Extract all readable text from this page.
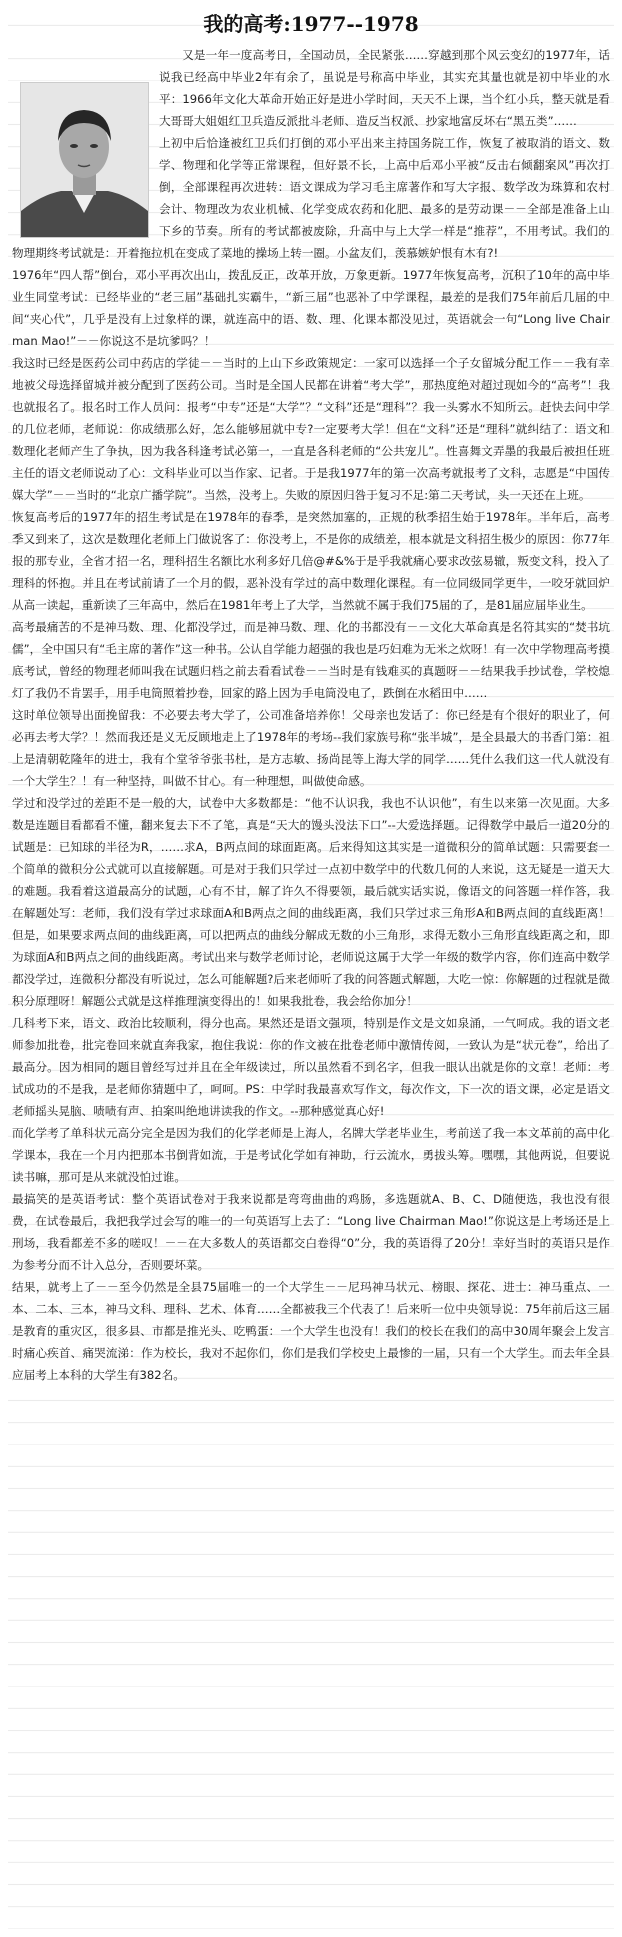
我的高考:1977--1978

又是一年一度高考日，全国动员，全民紧张……穿越到那个风云变幻的1977年，话说我已经高中毕业2年有余了，虽说是号称高中毕业，其实充其量也就是初中毕业的水平：1966年文化大革命开始正好是进小学时间，天天不上课，当个红小兵，整天就是看大哥哥大姐姐红卫兵造反派批斗老师、造反当权派、抄家地富反坏右“黑五类”……

上初中后恰逢被红卫兵们打倒的邓小平出来主持国务院工作，恢复了被取消的语文、数学、物理和化学等正常课程，但好景不长，上高中后邓小平被“反击右倾翻案风”再次打倒，全部课程再次进转：语文课成为学习毛主席著作和写大字报、数学改为珠算和农村会计、物理改为农业机械、化学变成农药和化肥、最多的是劳动课－－全部是准备上山下乡的节奏。所有的考试都被废除，升高中与上大学一样是“推荐”，不用考试。我们的物理期终考试就是：开着拖拉机在变成了菜地的操场上转一圈。小盆友们，羡慕嫉妒恨有木有?!

1976年“四人帮”倒台，邓小平再次出山，拨乱反正，改革开放，万象更新。1977年恢复高考，沉积了10年的高中毕业生同堂考试：已经毕业的“老三届”基础扎实霸牛，“新三届”也恶补了中学课程，最差的是我们75年前后几届的中间“夹心代”，几乎是没有上过象样的课，就连高中的语、数、理、化课本都没见过，英语就会一句“Long live Chairman Mao!”－－你说这不是坑爹吗？！

我这时已经是医药公司中药店的学徒－－当时的上山下乡政策规定：一家可以选择一个子女留城分配工作－－我有幸地被父母选择留城并被分配到了医药公司。当时是全国人民都在讲着“考大学”，那热度绝对超过现如今的“高考”！我也就报名了。报名时工作人员问：报考“中专”还是“大学”？“文科”还是“理科”？我一头雾水不知所云。赶快去问中学的几位老师，老师说：你成绩那么好，怎么能够屈就中专?一定要考大学！但在“文科”还是“理科”就纠结了：语文和数理化老师产生了争执，因为我各科逢考试必第一，一直是各科老师的“公共宠儿”。性喜舞文弄墨的我最后被担任班主任的语文老师说动了心：文科毕业可以当作家、记者。于是我1977年的第一次高考就报考了文科，志愿是“中国传媒大学”－－当时的“北京广播学院”。当然，没考上。失败的原因归咎于复习不足:第二天考试，头一天还在上班。

恢复高考后的1977年的招生考试是在1978年的春季，是突然加塞的，正规的秋季招生始于1978年。半年后，高考季又到来了，这次是数理化老师上门做说客了：你没考上，不是你的成绩差，根本就是文科招生极少的原因：你77年报的那专业，全省才招一名，理科招生名额比水利多好几倍@#&%于是乎我就痛心要求改弦易辙，叛变文科，投入了理科的怀抱。并且在考试前请了一个月的假，恶补没有学过的高中数理化课程。有一位同级同学更牛，一咬牙就回炉从高一读起，重新读了三年高中，然后在1981年考上了大学，当然就不属于我们75届的了，是81届应届毕业生。

高考最痛苦的不是神马数、理、化都没学过，而是神马数、理、化的书都没有－－文化大革命真是名符其实的“焚书坑儒”，全中国只有“毛主席的著作”这一种书。公认自学能力超强的我也是巧妇难为无米之炊呀！有一次中学物理高考摸底考试，曾经的物理老师叫我在试题归档之前去看看试卷－－当时是有钱难买的真题呀－－结果我手抄试卷，学校熄灯了我仍不肯罢手，用手电筒照着抄卷，回家的路上因为手电筒没电了，跌倒在水稻田中……

这时单位领导出面挽留我：不必要去考大学了，公司准备培养你！父母亲也发话了：你已经是有个很好的职业了，何必再去考大学？！然而我还是义无反顾地走上了1978年的考场--我们家族号称“张半城”，是全县最大的书香门第：祖上是清朝乾隆年的进士，我有个堂爷爷张书杜，是方志敏、扬尚昆等上海大学的同学……凭什么我们这一代人就没有一个大学生？！有一种坚持，叫做不甘心。有一种理想，叫做使命感。

学过和没学过的差距不是一般的大，试卷中大多数都是：“他不认识我，我也不认识他”，有生以来第一次见面。大多数是连题目看都看不懂，翻来复去下不了笔，真是“天大的馒头没法下口”--大爱选择题。记得数学中最后一道20分的试题是：已知球的半径为R，……求A，B两点间的球面距离。后来得知这其实是一道微积分的简单试题：只需要套一个简单的微积分公式就可以直接解题。可是对于我们只学过一点初中数学中的代数几何的人来说，这无疑是一道天大的难题。我看着这道最高分的试题，心有不甘，解了许久不得要领，最后就实话实说，像语文的问答题一样作答，我在解题处写：老师，我们没有学过求球面A和B两点之间的曲线距离，我们只学过求三角形A和B两点间的直线距离！但是，如果要求两点间的曲线距离，可以把两点的曲线分解成无数的小三角形，求得无数小三角形直线距离之和，即为球面A和B两点之间的曲线距离。考试出来与数学老师讨论，老师说这属于大学一年级的数学内容，你们连高中数学都没学过，连微积分都没有听说过，怎么可能解题?后来老师听了我的问答题式解题，大吃一惊：你解题的过程就是微积分原理呀！解题公式就是这样推理演变得出的！如果我批卷，我会给你加分！

几科考下来，语文、政治比较顺利，得分也高。果然还是语文强项，特别是作文是文如泉涌，一气呵成。我的语文老师参加批卷，批完卷回来就直奔我家，抱住我说：你的作文被在批卷老师中激情传阅，一致认为是“状元卷”，给出了最高分。因为相同的题目曾经写过并且在全年级读过，所以虽然看不到名字，但我一眼认出就是你的文章！老师：考试成功的不是我，是老师你猜题中了，呵呵。PS：中学时我最喜欢写作文，每次作文，下一次的语文课，必定是语文老师摇头晃脑、啧啧有声、拍案叫绝地讲读我的作文。--那种感觉真心好!

而化学考了单科状元高分完全是因为我们的化学老师是上海人，名牌大学老毕业生，考前送了我一本文革前的高中化学课本，我在一个月内把那本书倒背如流，于是考试化学如有神助，行云流水，勇拔头筹。嘿嘿，其他两说，但要说读书嘛，那可是从来就没怕过谁。

最搞笑的是英语考试：整个英语试卷对于我来说都是弯弯曲曲的鸡肠，多选题就A、B、C、D随便选，我也没有很费，在试卷最后，我把我学过会写的唯一的一句英语写上去了：“Long live Chairman Mao!”你说这是上考场还是上刑场，我看都差不多的嗟叹！－－在大多数人的英语都交白卷得“0”分，我的英语得了20分！幸好当时的英语只是作为参考分而不计入总分，否则要坏菜。

结果，就考上了－－至今仍然是全县75届唯一的一个大学生－－尼玛神马状元、榜眼、探花、进士：神马重点、一本、二本、三本，神马文科、理科、艺术、体育……全都被我三个代表了！后来听一位中央领导说：75年前后这三届是教育的重灾区，很多县、市都是推光头、吃鸭蛋：一个大学生也没有！我们的校长在我们的高中30周年聚会上发言时痛心疾首、痛哭流涕：作为校长，我对不起你们，你们是我们学校史上最惨的一届，只有一个大学生。而去年全县应届考上本科的大学生有382名。
